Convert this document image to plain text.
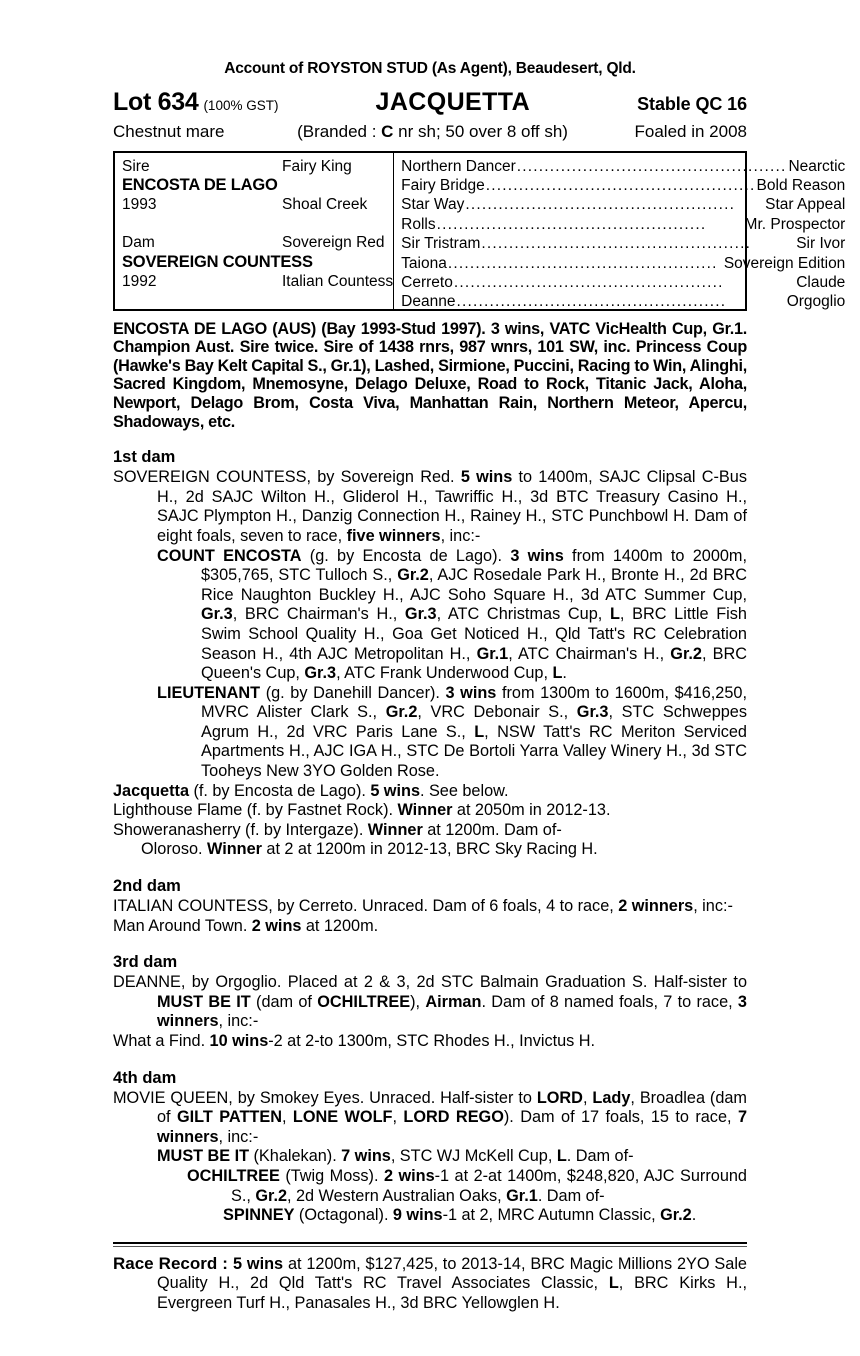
Account of ROYSTON STUD (As Agent), Beaudesert, Qld.
Lot 634 (100% GST)	JACQUETTA	Stable QC 16
Chestnut mare	(Branded : C nr sh; 50 over 8 off sh)	Foaled in 2008
Sire	Fairy King
ENCOSTA DE LAGO
1993	Shoal Creek

Dam	Sovereign Red
SOVEREIGN COUNTESS
1992	Italian Countess
Northern Dancer ................................................. Nearctic
Fairy Bridge ................................................. Bold Reason
Star Way .................................................	Star Appeal
Rolls .................................................	Mr. Prospector
Sir Tristram .................................................	Sir Ivor
Taiona ................................................. Sovereign Edition
Cerreto .................................................	Claude
Deanne .................................................	Orgoglio
ENCOSTA DE LAGO (AUS) (Bay 1993-Stud 1997). 3 wins, VATC VicHealth Cup, Gr.1. Champion Aust. Sire twice. Sire of 1438 rnrs, 987 wnrs, 101 SW, inc. Princess Coup (Hawke's Bay Kelt Capital S., Gr.1), Lashed, Sirmione, Puccini, Racing to Win, Alinghi, Sacred Kingdom, Mnemosyne, Delago Deluxe, Road to Rock, Titanic Jack, Aloha, Newport, Delago Brom, Costa Viva, Manhattan Rain, Northern Meteor, Apercu, Shadoways, etc.
1st dam
SOVEREIGN COUNTESS, by Sovereign Red. 5 wins to 1400m, SAJC Clipsal C-Bus H., 2d SAJC Wilton H., Gliderol H., Tawriffic H., 3d BTC Treasury Casino H., SAJC Plympton H., Danzig Connection H., Rainey H., STC Punchbowl H. Dam of eight foals, seven to race, five winners, inc:-
COUNT ENCOSTA (g. by Encosta de Lago). 3 wins from 1400m to 2000m, $305,765, STC Tulloch S., Gr.2, AJC Rosedale Park H., Bronte H., 2d BRC Rice Naughton Buckley H., AJC Soho Square H., 3d ATC Summer Cup, Gr.3, BRC Chairman's H., Gr.3, ATC Christmas Cup, L, BRC Little Fish Swim School Quality H., Goa Get Noticed H., Qld Tatt's RC Celebration Season H., 4th AJC Metropolitan H., Gr.1, ATC Chairman's H., Gr.2, BRC Queen's Cup, Gr.3, ATC Frank Underwood Cup, L.
LIEUTENANT (g. by Danehill Dancer). 3 wins from 1300m to 1600m, $416,250, MVRC Alister Clark S., Gr.2, VRC Debonair S., Gr.3, STC Schweppes Agrum H., 2d VRC Paris Lane S., L, NSW Tatt's RC Meriton Serviced Apartments H., AJC IGA H., STC De Bortoli Yarra Valley Winery H., 3d STC Tooheys New 3YO Golden Rose.
Jacquetta (f. by Encosta de Lago). 5 wins. See below.
Lighthouse Flame (f. by Fastnet Rock). Winner at 2050m in 2012-13.
Showeranasherry (f. by Intergaze). Winner at 1200m. Dam of-
Oloroso. Winner at 2 at 1200m in 2012-13, BRC Sky Racing H.
2nd dam
ITALIAN COUNTESS, by Cerreto. Unraced. Dam of 6 foals, 4 to race, 2 winners, inc:-
Man Around Town. 2 wins at 1200m.
3rd dam
DEANNE, by Orgoglio. Placed at 2 & 3, 2d STC Balmain Graduation S. Half-sister to MUST BE IT (dam of OCHILTREE), Airman. Dam of 8 named foals, 7 to race, 3 winners, inc:-
What a Find. 10 wins-2 at 2-to 1300m, STC Rhodes H., Invictus H.
4th dam
MOVIE QUEEN, by Smokey Eyes. Unraced. Half-sister to LORD, Lady, Broadlea (dam of GILT PATTEN, LONE WOLF, LORD REGO). Dam of 17 foals, 15 to race, 7 winners, inc:-
MUST BE IT (Khalekan). 7 wins, STC WJ McKell Cup, L. Dam of-
OCHILTREE (Twig Moss). 2 wins-1 at 2-at 1400m, $248,820, AJC Surround S., Gr.2, 2d Western Australian Oaks, Gr.1. Dam of-
SPINNEY (Octagonal). 9 wins-1 at 2, MRC Autumn Classic, Gr.2.
Race Record : 5 wins at 1200m, $127,425, to 2013-14, BRC Magic Millions 2YO Sale Quality H., 2d Qld Tatt's RC Travel Associates Classic, L, BRC Kirks H., Evergreen Turf H., Panasales H., 3d BRC Yellowglen H.
